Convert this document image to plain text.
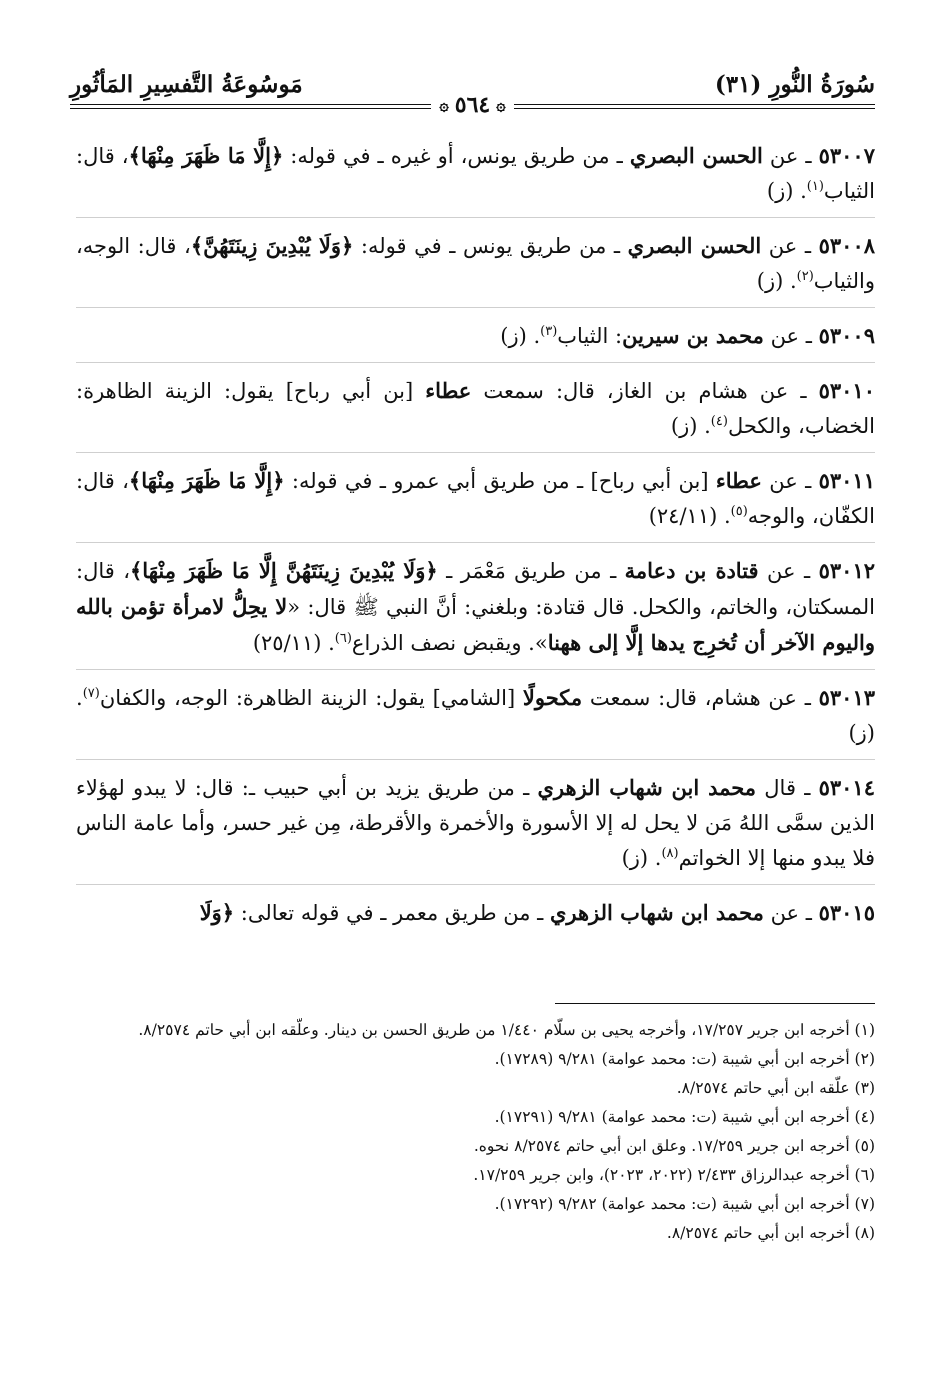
سُورَةُ النُّورِ (٣١)
مَوسُوعَةُ التَّفسِيرِ المَأثُورِ
۞
٥٦٤
۞

٥٣٠٠٧ ـ عن الحسن البصري ـ من طريق يونس، أو غيره ـ في قوله: ﴿إِلَّا مَا ظَهَرَ مِنْهَا﴾، قال: الثياب$^{(١)}$. (ز)

٥٣٠٠٨ ـ عن الحسن البصري ـ من طريق يونس ـ في قوله: ﴿وَلَا يُبْدِينَ زِينَتَهُنَّ﴾، قال: الوجه، والثياب$^{(٢)}$. (ز)

٥٣٠٠٩ ـ عن محمد بن سيرين: الثياب$^{(٣)}$. (ز)

٥٣٠١٠ ـ عن هشام بن الغاز، قال: سمعت عطاء [بن أبي رباح] يقول: الزينة الظاهرة: الخضاب، والكحل$^{(٤)}$. (ز)

٥٣٠١١ ـ عن عطاء [بن أبي رباح] ـ من طريق أبي عمرو ـ في قوله: ﴿إِلَّا مَا ظَهَرَ مِنْهَا﴾، قال: الكفّان، والوجه$^{(٥)}$. (٢٤/١١)

٥٣٠١٢ ـ عن قتادة بن دعامة ـ من طريق مَعْمَر ـ ﴿وَلَا يُبْدِينَ زِينَتَهُنَّ إِلَّا مَا ظَهَرَ مِنْهَا﴾، قال: المسكتان، والخاتم، والكحل. قال قتادة: وبلغني: أنَّ النبي ﷺ قال: «لا يحِلُّ لامرأة تؤمن بالله واليوم الآخر أن تُخرِج يدها إلَّا إلى ههنا». ويقبض نصف الذراع$^{(٦)}$. (٢٥/١١)

٥٣٠١٣ ـ عن هشام، قال: سمعت مكحولًا [الشامي] يقول: الزينة الظاهرة: الوجه، والكفان$^{(٧)}$. (ز)

٥٣٠١٤ ـ قال محمد ابن شهاب الزهري ـ من طريق يزيد بن أبي حبيب ـ: قال: لا يبدو لهؤلاء الذين سمَّى اللهُ مَن لا يحل له إلا الأسورة والأخمرة والأقرطة، مِن غير حسر، وأما عامة الناس فلا يبدو منها إلا الخواتم$^{(٨)}$. (ز)

٥٣٠١٥ ـ عن محمد ابن شهاب الزهري ـ من طريق معمر ـ في قوله تعالى: ﴿وَلَا

(١) أخرجه ابن جرير ١٧/٢٥٧، وأخرجه يحيى بن سلّام ١/٤٤٠ من طريق الحسن بن دينار. وعلّقه ابن أبي حاتم ٨/٢٥٧٤.

(٢) أخرجه ابن أبي شيبة (ت: محمد عوامة) ٩/٢٨١ (١٧٢٨٩).

(٣) علّقه ابن أبي حاتم ٨/٢٥٧٤.

(٤) أخرجه ابن أبي شيبة (ت: محمد عوامة) ٩/٢٨١ (١٧٢٩١).

(٥) أخرجه ابن جرير ١٧/٢٥٩. وعلق ابن أبي حاتم ٨/٢٥٧٤ نحوه.

(٦) أخرجه عبدالرزاق ٢/٤٣٣ (٢٠٢٢، ٢٠٢٣)، وابن جرير ١٧/٢٥٩.

(٧) أخرجه ابن أبي شيبة (ت: محمد عوامة) ٩/٢٨٢ (١٧٢٩٢).

(٨) أخرجه ابن أبي حاتم ٨/٢٥٧٤.
